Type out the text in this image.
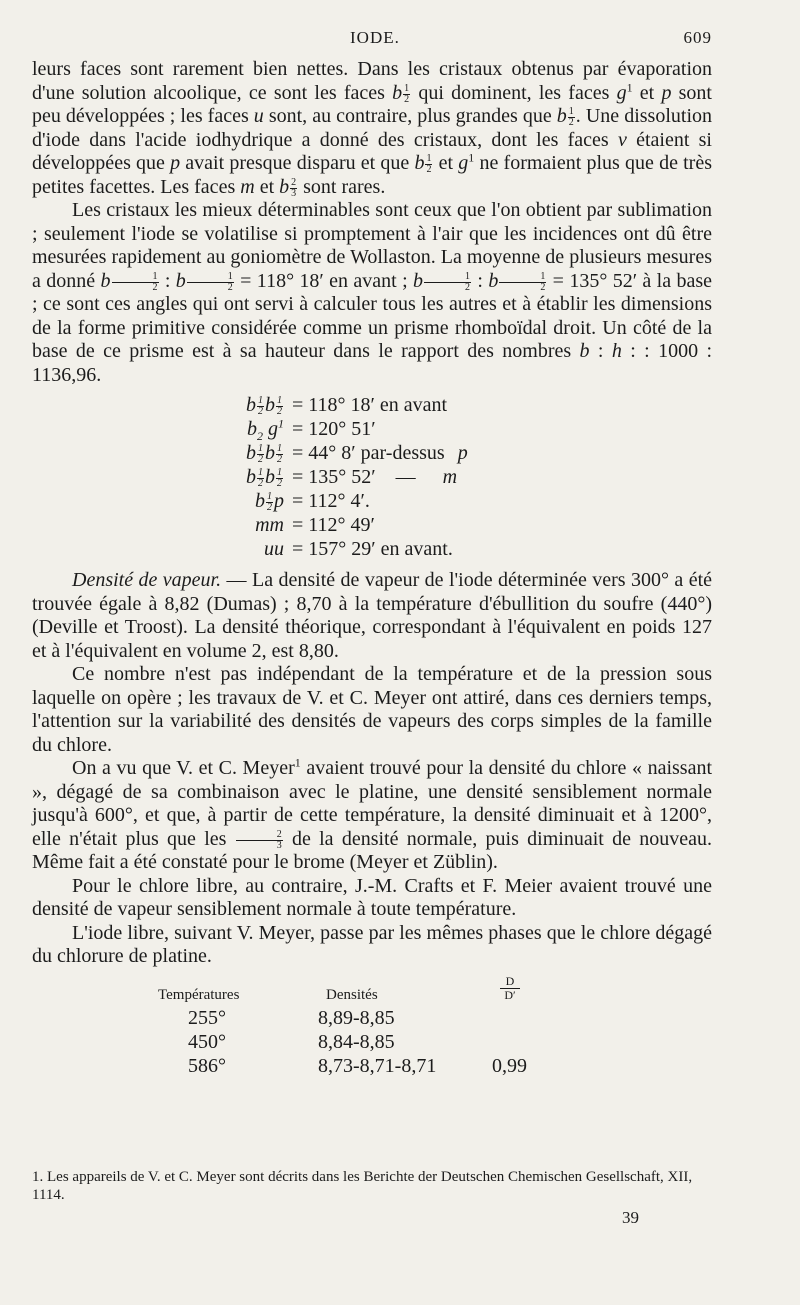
IODE.	609

leurs faces sont rarement bien nettes. Dans les cristaux obtenus par évaporation d'une solution alcoolique, ce sont les faces b $\frac{1}{2}$ qui dominent, les faces $g^1$ et p sont peu développées ; les faces u sont, au contraire, plus grandes que b $\frac{1}{2}$ . Une dissolution d'iode dans l'acide iodhydrique a donné des cristaux, dont les faces v étaient si développées que p avait presque disparu et que b $\frac{1}{2}$ et $g^1$ ne formaient plus que de très petites facettes. Les faces m et b $\frac{2}{3}$ sont rares.

Les cristaux les mieux déterminables sont ceux que l'on obtient par sublimation ; seulement l'iode se volatilise si promptement à l'air que les incidences ont dû être mesurées rapidement au goniomètre de Wollaston. La moyenne de plusieurs mesures a donné b $\frac{1}{2}$ : b $\frac{1}{2} = 118^\circ$ 18′ en avant ; b $\frac{1}{2}$ : b $\frac{1}{2} = 135^\circ$ 52′ à la base ; ce sont ces angles qui ont servi à calculer tous les autres et à établir les dimensions de la forme primitive considérée comme un prisme rhomboïdal droit. Un côté de la base de ce prisme est à sa hauteur dans le rapport des nombres b : h : : 1000 : 1136,96.

b $\frac{1}{2}$ b $\frac{1}{2} = 118^\circ$ 18′ en avant
$b_2$ $g^1 = 120^\circ$ 51′
b $\frac{1}{2}$ b $\frac{1}{2} = 44^\circ$ 8′ par-dessus p
b $\frac{1}{2}$ b $\frac{1}{2} = 135^\circ$ 52′    — m
b $\frac{1}{2}$ p = 112° 4′.
mm = 112° 49′
uu = 157° 29′ en avant.

Densité de vapeur. — La densité de vapeur de l'iode déterminée vers 300° a été trouvée égale à 8,82 (Dumas) ; 8,70 à la température d'ébullition du soufre (440°) (Deville et Troost). La densité théorique, correspondant à l'équivalent en poids 127 et à l'équivalent en volume 2, est 8,80.

Ce nombre n'est pas indépendant de la température et de la pression sous laquelle on opère ; les travaux de V. et C. Meyer ont attiré, dans ces derniers temps, l'attention sur la variabilité des densités de vapeurs des corps simples de la famille du chlore.

On a vu que V. et C. Meyer$^1$ avaient trouvé pour la densité du chlore « naissant », dégagé de sa combinaison avec le platine, une densité sensiblement normale jusqu'à 600°, et que, à partir de cette température, la densité diminuait et à 1200°, elle n'était plus que les $\frac{2}{3}$ de la densité normale, puis diminuait de nouveau. Même fait a été constaté pour le brome (Meyer et Züblin).

Pour le chlore libre, au contraire, J.-M. Crafts et F. Meier avaient trouvé une densité de vapeur sensiblement normale à toute température.

L'iode libre, suivant V. Meyer, passe par les mêmes phases que le chlore dégagé du chlorure de platine.

Températures	Densités
D
D′
255°	8,89-8,85
450°	8,84-8,85
586°	8,73-8,71-8,71	0,99
1. Les appareils de V. et C. Meyer sont décrits dans les Berichte der Deutschen Chemischen Gesellschaft, XII, 1114.
39
